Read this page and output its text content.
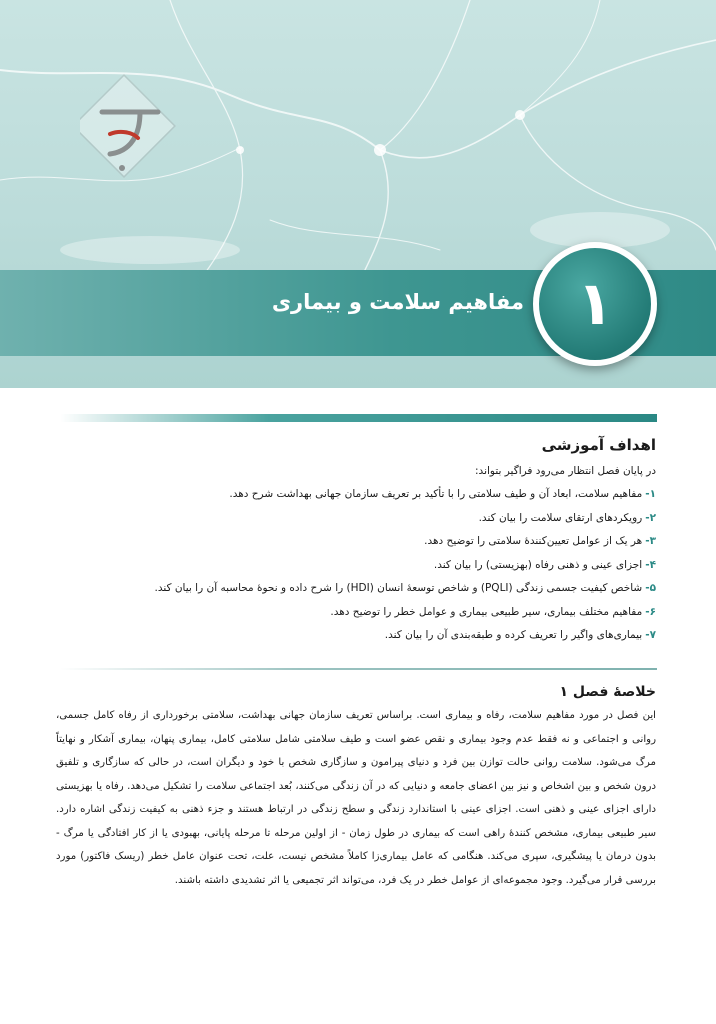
مفاهیم سلامت و بیماری ۱
اهداف آموزشی

در پایان فصل انتظار می‌رود فراگیر بتواند:

۱-مفاهیم سلامت، ابعاد آن و طیف سلامتی را با تأکید بر تعریف سازمان جهانی بهداشت شرح دهد.
۲-رویکردهای ارتقای سلامت را بیان کند.
۳-هر یک از عوامل تعیین‌کنندهٔ سلامتی را توضیح دهد.
۴-اجزای عینی و ذهنی رفاه (بهزیستی) را بیان کند.
۵-شاخص کیفیت جسمی زندگی (PQLI) و شاخص توسعهٔ انسان (HDI) را شرح داده و نحوهٔ محاسبه آن را بیان کند.
۶-مفاهیم مختلف بیماری، سیر طبیعی بیماری و عوامل خطر را توضیح دهد.
۷-بیماری‌های واگیر را تعریف کرده و طبقه‌بندی آن را بیان کند.
خلاصهٔ فصل ۱

این فصل در مورد مفاهیم سلامت، رفاه و بیماری است. براساس تعریف سازمان جهانی بهداشت، سلامتی برخورداری از رفاه کامل جسمی، روانی و اجتماعی و نه فقط عدم وجود بیماری و نقص عضو است و طیف سلامتی شامل سلامتی کامل، بیماری پنهان، بیماری آشکار و نهایتاً مرگ می‌شود. سلامت روانی حالت توازن بین فرد و دنیای پیرامون و سازگاری شخص با خود و دیگران است، در حالی که سازگاری و تلفیق درون شخص و بین اشخاص و نیز بین اعضای جامعه و دنیایی که در آن زندگی می‌کنند، بُعد اجتماعی سلامت را تشکیل می‌دهد. رفاه یا بهزیستی دارای اجزای عینی و ذهنی است. اجزای عینی با استاندارد زندگی و سطح زندگی در ارتباط هستند و جزء ذهنی به کیفیت زندگی اشاره دارد. سیر طبیعی بیماری، مشخص کنندهٔ راهی است که بیماری در طول زمان - از اولین مرحله تا مرحله پایانی، بهبودی یا از کار افتادگی یا مرگ - بدون درمان یا پیشگیری، سپری می‌کند. هنگامی که عامل بیماری‌زا کاملاً مشخص نیست، علت، تحت عنوان عامل خطر (ریسک فاکتور) مورد بررسی قرار می‌گیرد. وجود مجموعه‌ای از عوامل خطر در یک فرد، می‌تواند اثر تجمیعی یا اثر تشدیدی داشته باشند.
